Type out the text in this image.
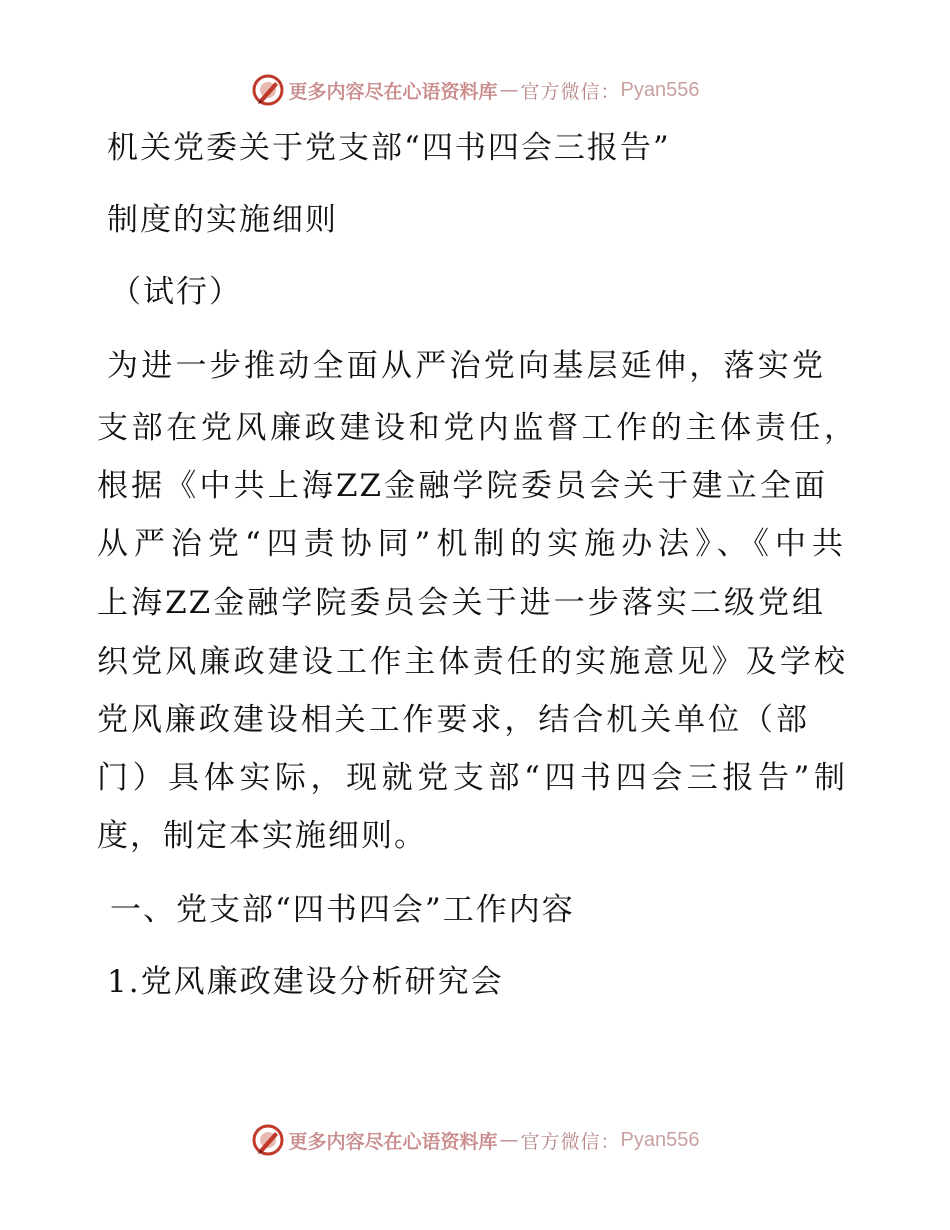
更多内容尽在心语资料库 — 官方微信： Pyan556
机关党委关于党支部“四书四会三报告”
制度的实施细则
（试行）
为进一步推动全面从严治党向基层延伸，落实党
支部在党风廉政建设和党内监督工作的主体责任，
根据《中共上海ZZ金融学院委员会关于建立全面
从严治党“四责协同”机制的实施办法》、《中共
上海ZZ金融学院委员会关于进一步落实二级党组
织党风廉政建设工作主体责任的实施意见》及学校
党风廉政建设相关工作要求，结合机关单位（部
门）具体实际，现就党支部“四书四会三报告”制
度，制定本实施细则。
一、党支部“四书四会”工作内容
1.党风廉政建设分析研究会
更多内容尽在心语资料库 — 官方微信： Pyan556
